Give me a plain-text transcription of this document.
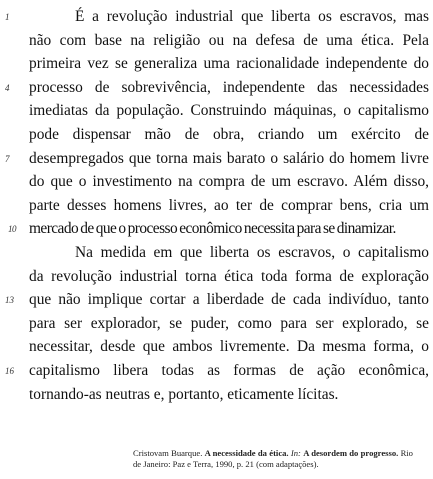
1	É a revolução industrial que liberta os escravos, mas
não com base na religião ou na defesa de uma ética. Pela
primeira vez se generaliza uma racionalidade independente do
4	processo de sobrevivência, independente das necessidades
imediatas da população. Construindo máquinas, o capitalismo
pode dispensar mão de obra, criando um exército de
7	desempregados que torna mais barato o salário do homem livre
do que o investimento na compra de um escravo. Além disso,
parte desses homens livres, ao ter de comprar bens, cria um
10 mercado de que o processo econômico necessita para se dinamizar.
Na medida em que liberta os escravos, o capitalismo
da revolução industrial torna ética toda forma de exploração
13 que não implique cortar a liberdade de cada indivíduo, tanto
para ser explorador, se puder, como para ser explorado, se
necessitar, desde que ambos livremente. Da mesma forma, o
16 capitalismo libera todas as formas de ação econômica,
tornando-as neutras e, portanto, eticamente lícitas.
Cristovam Buarque. A necessidade da ética. In: A desordem do progresso. Rio de Janeiro: Paz e Terra, 1990, p. 21 (com adaptações).
